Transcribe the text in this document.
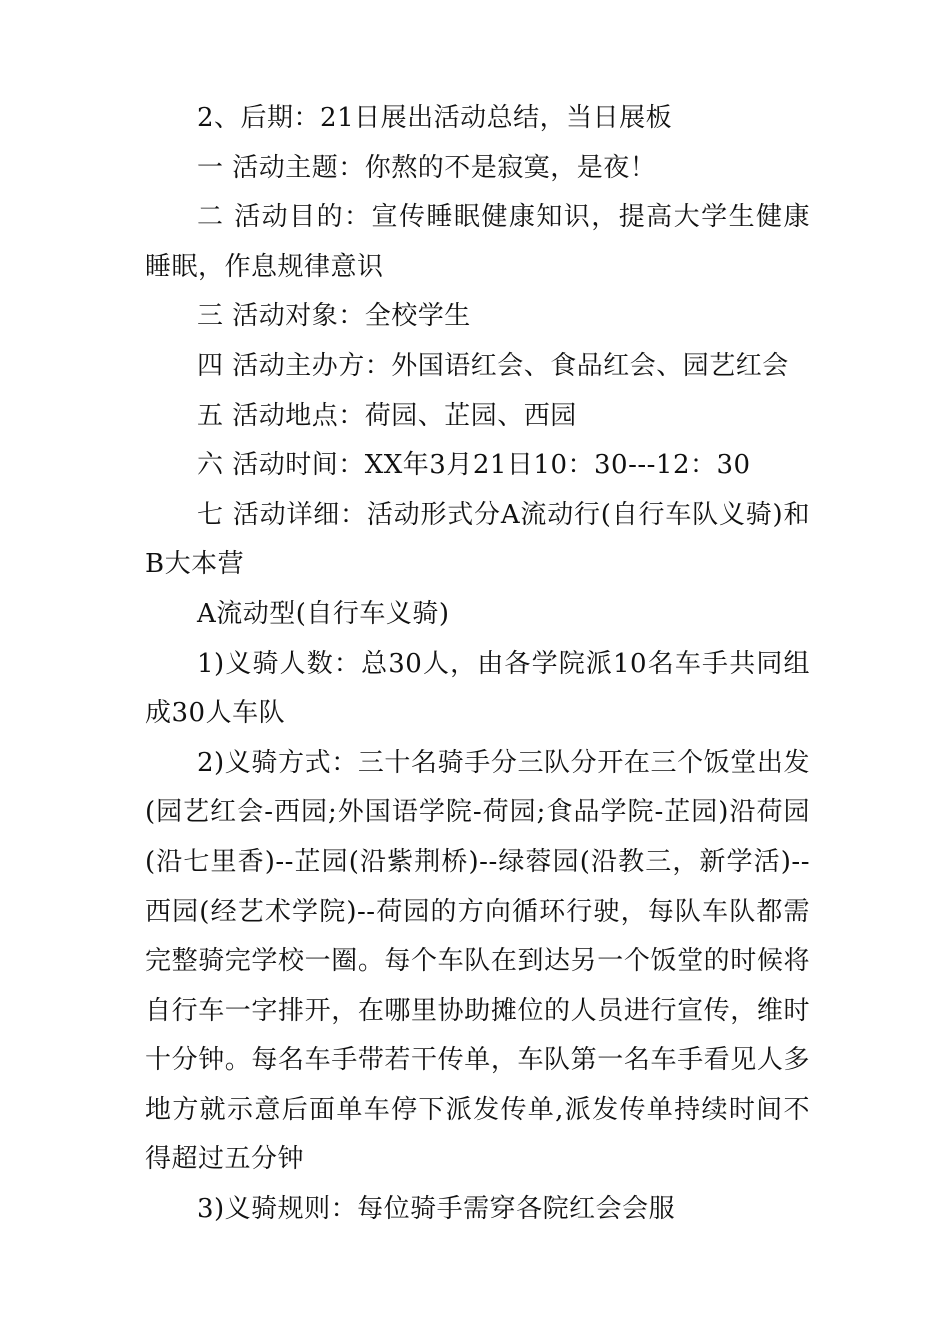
2、后期：21日展出活动总结，当日展板

一 活动主题：你熬的不是寂寞，是夜！

二 活动目的：宣传睡眠健康知识，提高大学生健康睡眠，作息规律意识

三 活动对象：全校学生

四 活动主办方：外国语红会、食品红会、园艺红会

五 活动地点：荷园、芷园、西园

六 活动时间：XX年3月21日10：30---12：30

七 活动详细：活动形式分A流动行(自行车队义骑)和B大本营

A流动型(自行车义骑)

1)义骑人数：总30人，由各学院派10名车手共同组成30人车队

2)义骑方式：三十名骑手分三队分开在三个饭堂出发(园艺红会-西园;外国语学院-荷园;食品学院-芷园)沿荷园(沿七里香)--芷园(沿紫荆桥)--绿蓉园(沿教三，新学活)--西园(经艺术学院)--荷园的方向循环行驶，每队车队都需完整骑完学校一圈。每个车队在到达另一个饭堂的时候将自行车一字排开，在哪里协助摊位的人员进行宣传，维时十分钟。每名车手带若干传单，车队第一名车手看见人多地方就示意后面单车停下派发传单,派发传单持续时间不得超过五分钟

3)义骑规则：每位骑手需穿各院红会会服
